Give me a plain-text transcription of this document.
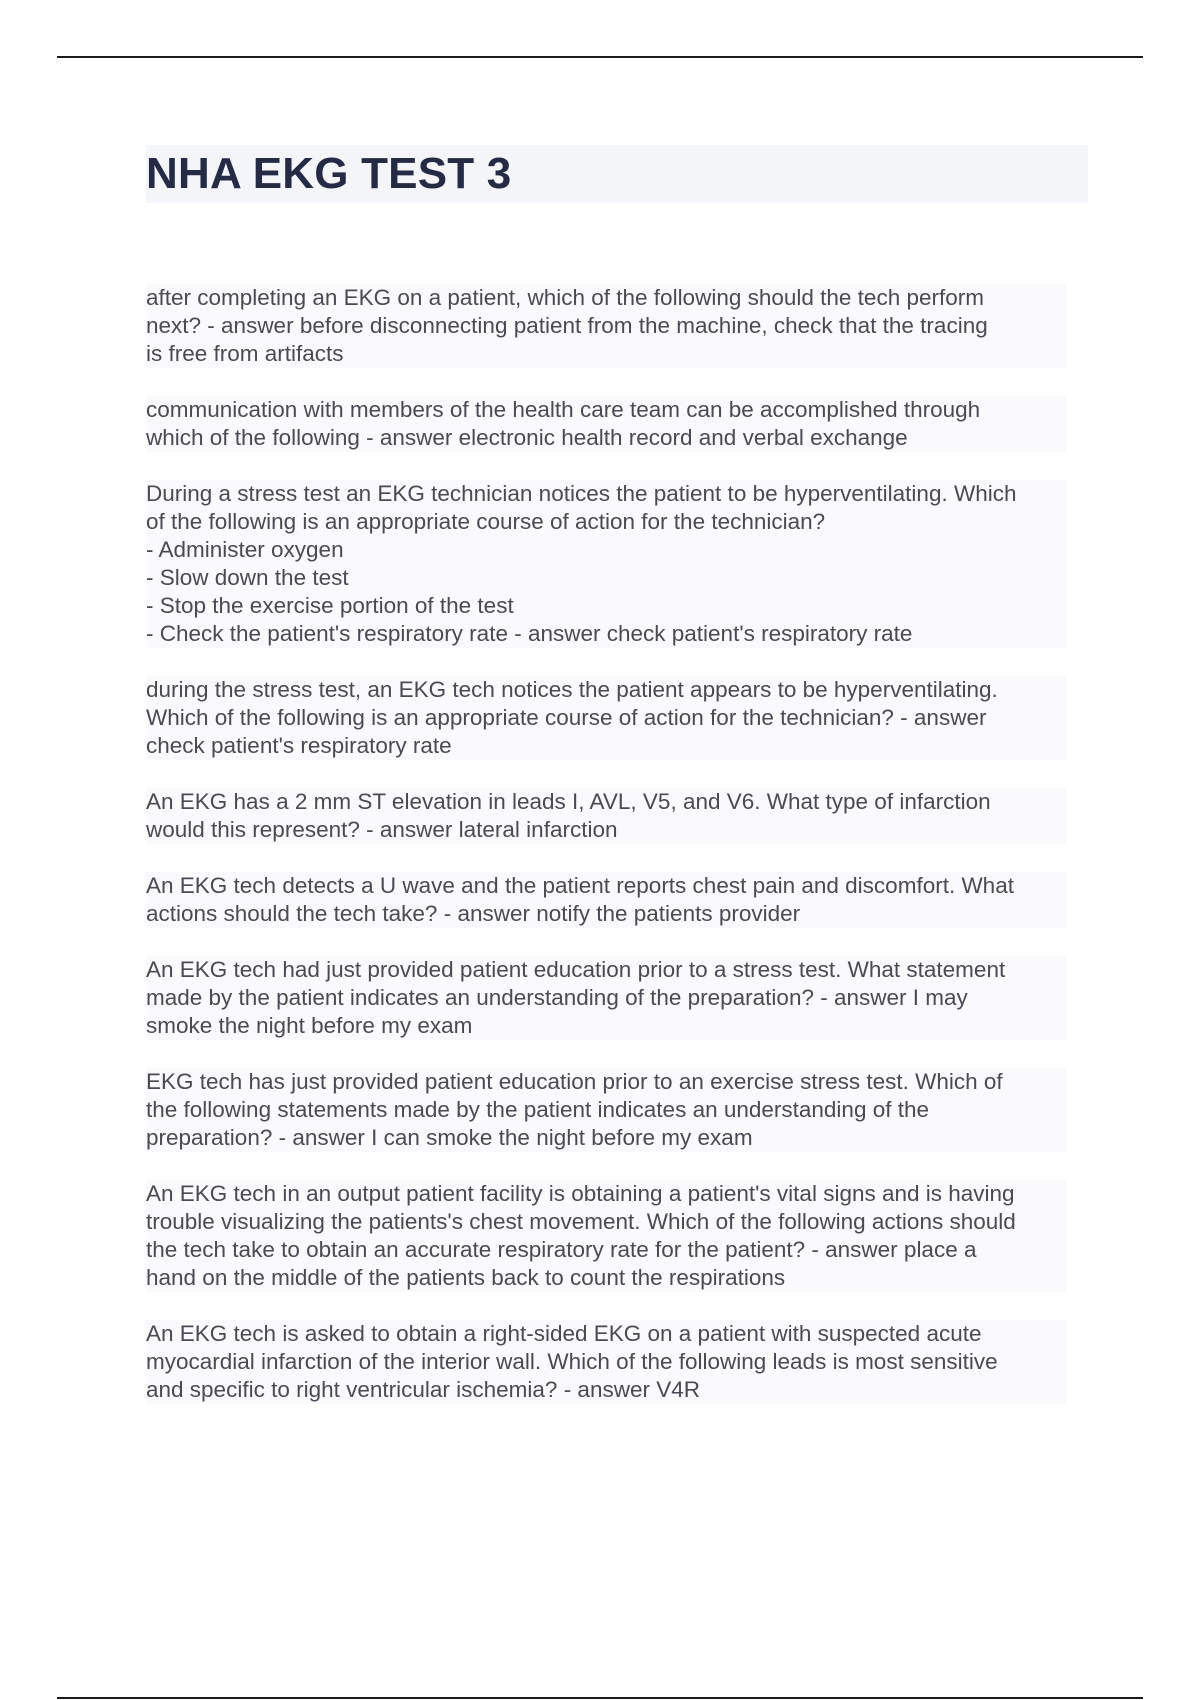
NHA EKG TEST 3

after completing an EKG on a patient, which of the following should the tech perform
next? - answer before disconnecting patient from the machine, check that the tracing
is free from artifacts

communication with members of the health care team can be accomplished through
which of the following - answer electronic health record and verbal exchange

During a stress test an EKG technician notices the patient to be hyperventilating. Which
of the following is an appropriate course of action for the technician?
- Administer oxygen
- Slow down the test
- Stop the exercise portion of the test
- Check the patient's respiratory rate - answer check patient's respiratory rate

during the stress test, an EKG tech notices the patient appears to be hyperventilating.
Which of the following is an appropriate course of action for the technician? - answer
check patient's respiratory rate

An EKG has a 2 mm ST elevation in leads I, AVL, V5, and V6. What type of infarction
would this represent? - answer lateral infarction

An EKG tech detects a U wave and the patient reports chest pain and discomfort. What
actions should the tech take? - answer notify the patients provider

An EKG tech had just provided patient education prior to a stress test. What statement
made by the patient indicates an understanding of the preparation? - answer I may
smoke the night before my exam

EKG tech has just provided patient education prior to an exercise stress test. Which of
the following statements made by the patient indicates an understanding of the
preparation? - answer I can smoke the night before my exam

An EKG tech in an output patient facility is obtaining a patient's vital signs and is having
trouble visualizing the patients's chest movement. Which of the following actions should
the tech take to obtain an accurate respiratory rate for the patient? - answer place a
hand on the middle of the patients back to count the respirations

An EKG tech is asked to obtain a right-sided EKG on a patient with suspected acute
myocardial infarction of the interior wall. Which of the following leads is most sensitive
and specific to right ventricular ischemia? - answer V4R
